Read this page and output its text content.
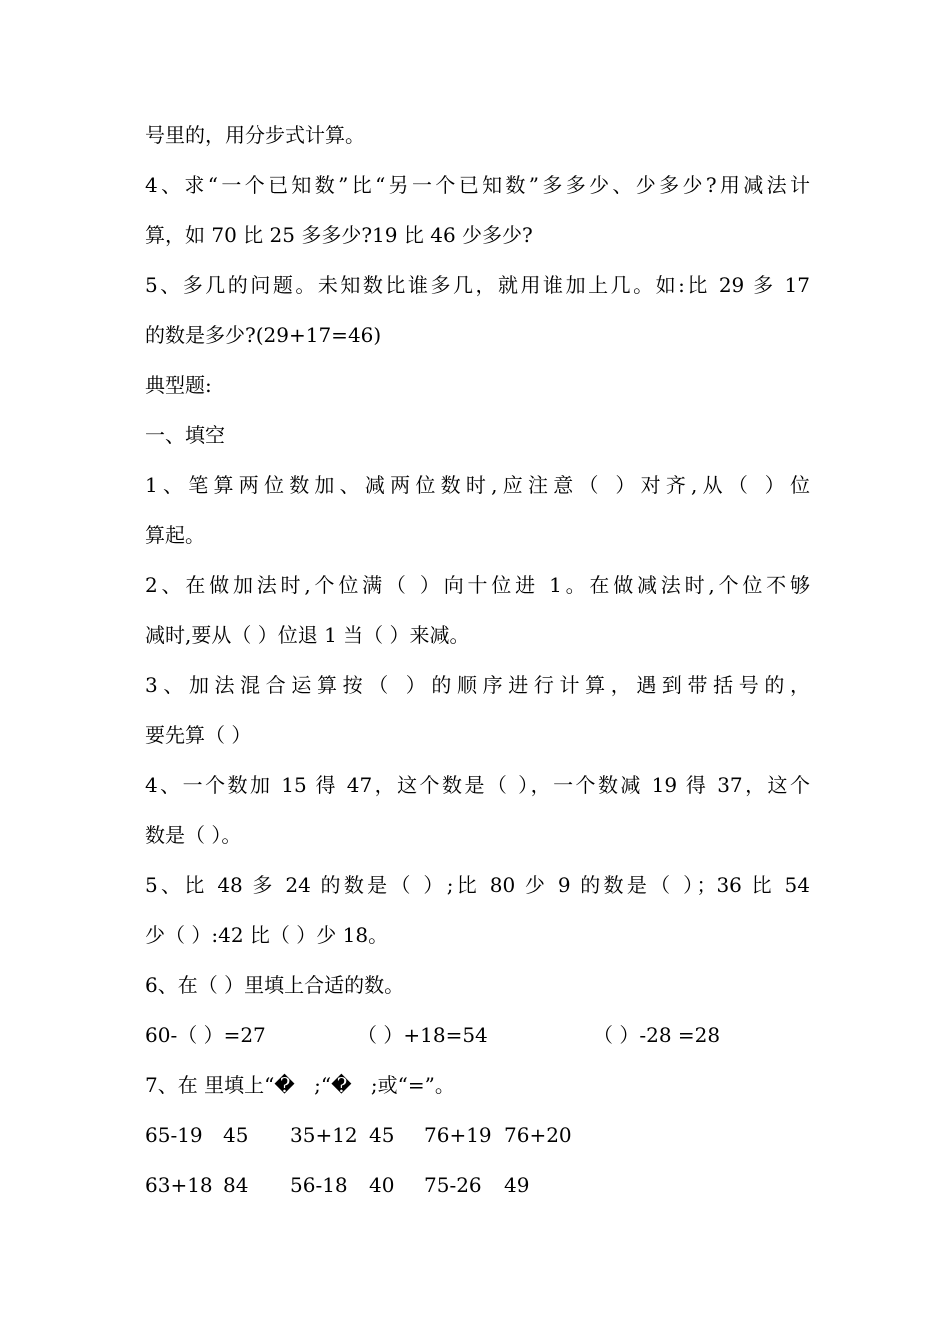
号里的，用分步式计算。
4、求“一个已知数”比“另一个已知数”多多少、少多少?用减法计
算，如 70 比 25 多多少?19 比 46 少多少?
5、多几的问题。未知数比谁多几，就用谁加上几。如:比 29 多 17
的数是多少?(29+17=46)
典型题:
一、填空
1、笔算两位数加、减两位数时,应注意（ ）对齐,从（ ）位
算起。
2、在做加法时,个位满（ ）向十位进 1。在做减法时,个位不够
减时,要从（ ）位退 1 当（ ）来减。
3、加法混合运算按（ ）的顺序进行计算，遇到带括号的，
要先算（ ）
4、一个数加 15 得 47，这个数是（ ），一个数减 19 得 37，这个
数是（ ）。
5、比 48 多 24 的数是（ ）;比 80 少 9 的数是（ ）；36 比 54
少（ ）:42 比（ ）少 18。
6、在（ ）里填上合适的数。
60-（ ）=27	（ ）+18=54	（ ）-28 =28
7、在 里填上“�ᅟ;“�ᅟ;或“=”。
65-19 45 35+12 45 76+19 76+20
63+18 84 56-18 40 75-26 49
